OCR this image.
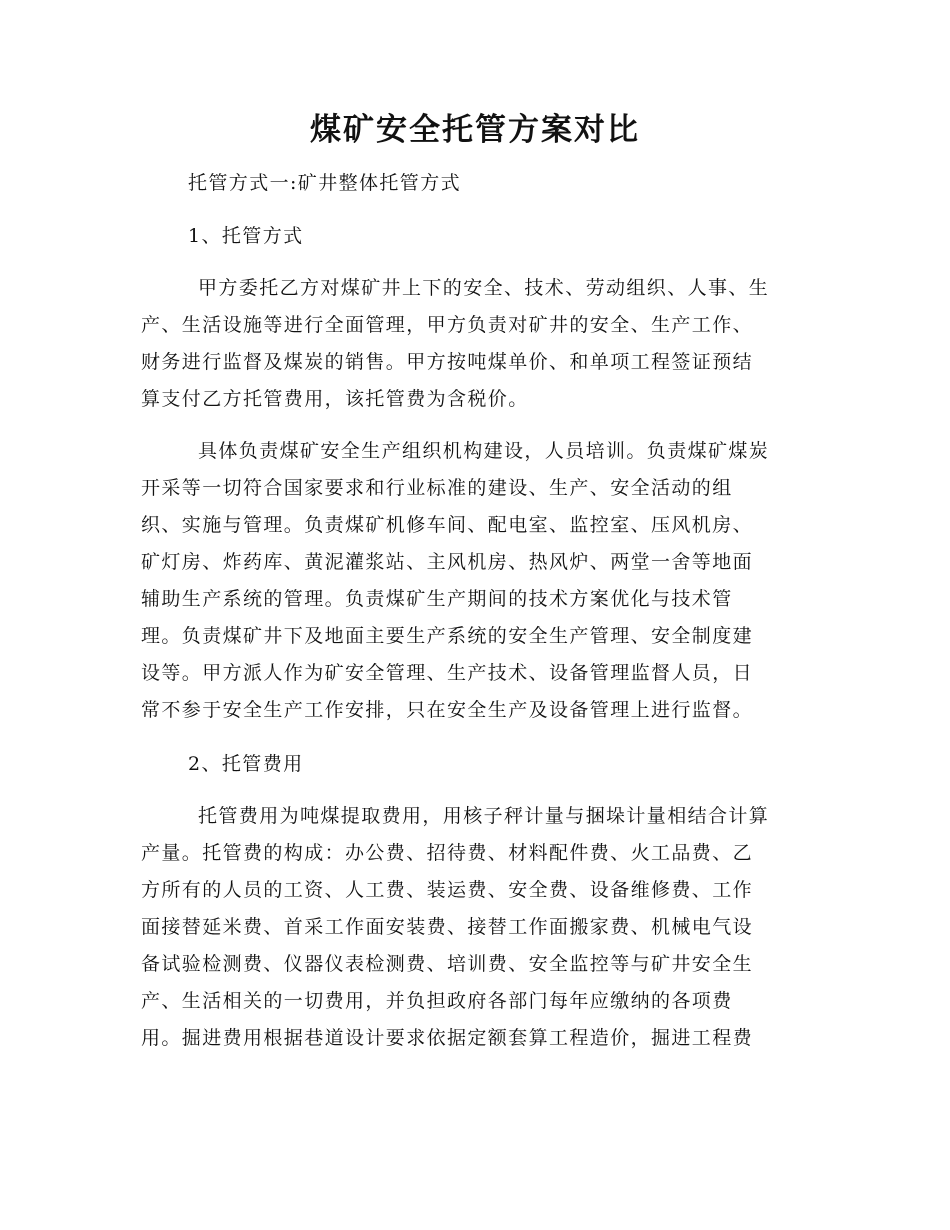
煤矿安全托管方案对比
托管方式一:矿井整体托管方式
1、托管方式
甲方委托乙方对煤矿井上下的安全、技术、劳动组织、人事、生
产、生活设施等进行全面管理，甲方负责对矿井的安全、生产工作、
财务进行监督及煤炭的销售。甲方按吨煤单价、和单项工程签证预结
算支付乙方托管费用，该托管费为含税价。
具体负责煤矿安全生产组织机构建设，人员培训。负责煤矿煤炭
开采等一切符合国家要求和行业标准的建设、生产、安全活动的组
织、实施与管理。负责煤矿机修车间、配电室、监控室、压风机房、
矿灯房、炸药库、黄泥灌浆站、主风机房、热风炉、两堂一舍等地面
辅助生产系统的管理。负责煤矿生产期间的技术方案优化与技术管
理。负责煤矿井下及地面主要生产系统的安全生产管理、安全制度建
设等。甲方派人作为矿安全管理、生产技术、设备管理监督人员，日
常不参于安全生产工作安排，只在安全生产及设备管理上进行监督。
2、托管费用
托管费用为吨煤提取费用，用核子秤计量与捆垛计量相结合计算
产量。托管费的构成：办公费、招待费、材料配件费、火工品费、乙
方所有的人员的工资、人工费、装运费、安全费、设备维修费、工作
面接替延米费、首采工作面安装费、接替工作面搬家费、机械电气设
备试验检测费、仪器仪表检测费、培训费、安全监控等与矿井安全生
产、生活相关的一切费用，并负担政府各部门每年应缴纳的各项费
用。掘进费用根据巷道设计要求依据定额套算工程造价，掘进工程费
